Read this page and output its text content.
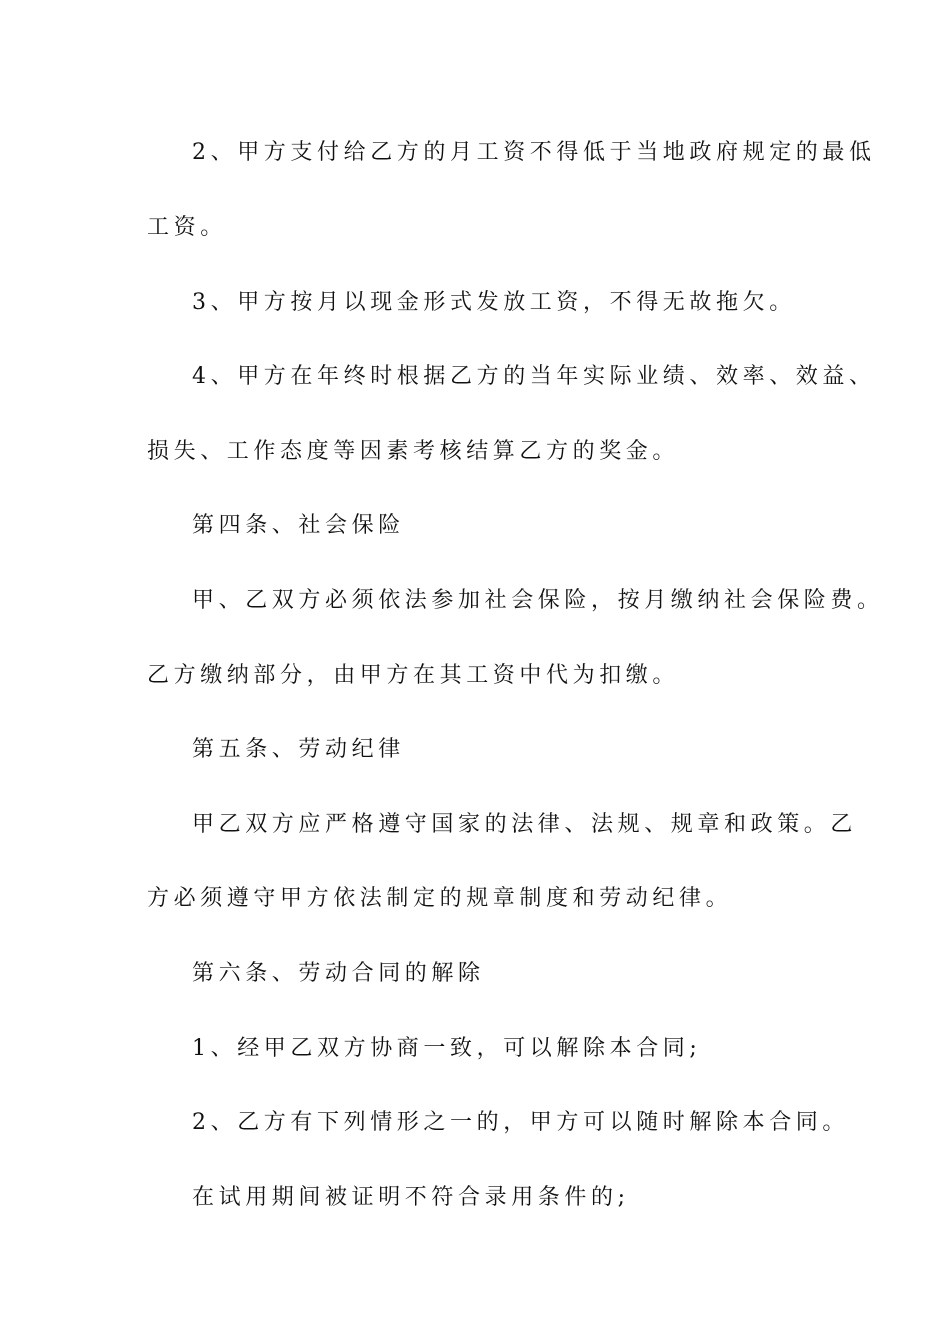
2、甲方支付给乙方的月工资不得低于当地政府规定的最低
工资。
3、甲方按月以现金形式发放工资，不得无故拖欠。
4、甲方在年终时根据乙方的当年实际业绩、效率、效益、
损失、工作态度等因素考核结算乙方的奖金。
第四条、社会保险
甲、乙双方必须依法参加社会保险，按月缴纳社会保险费。
乙方缴纳部分，由甲方在其工资中代为扣缴。
第五条、劳动纪律
甲乙双方应严格遵守国家的法律、法规、规章和政策。乙
方必须遵守甲方依法制定的规章制度和劳动纪律。
第六条、劳动合同的解除
1、经甲乙双方协商一致，可以解除本合同;
2、乙方有下列情形之一的，甲方可以随时解除本合同。
在试用期间被证明不符合录用条件的;
